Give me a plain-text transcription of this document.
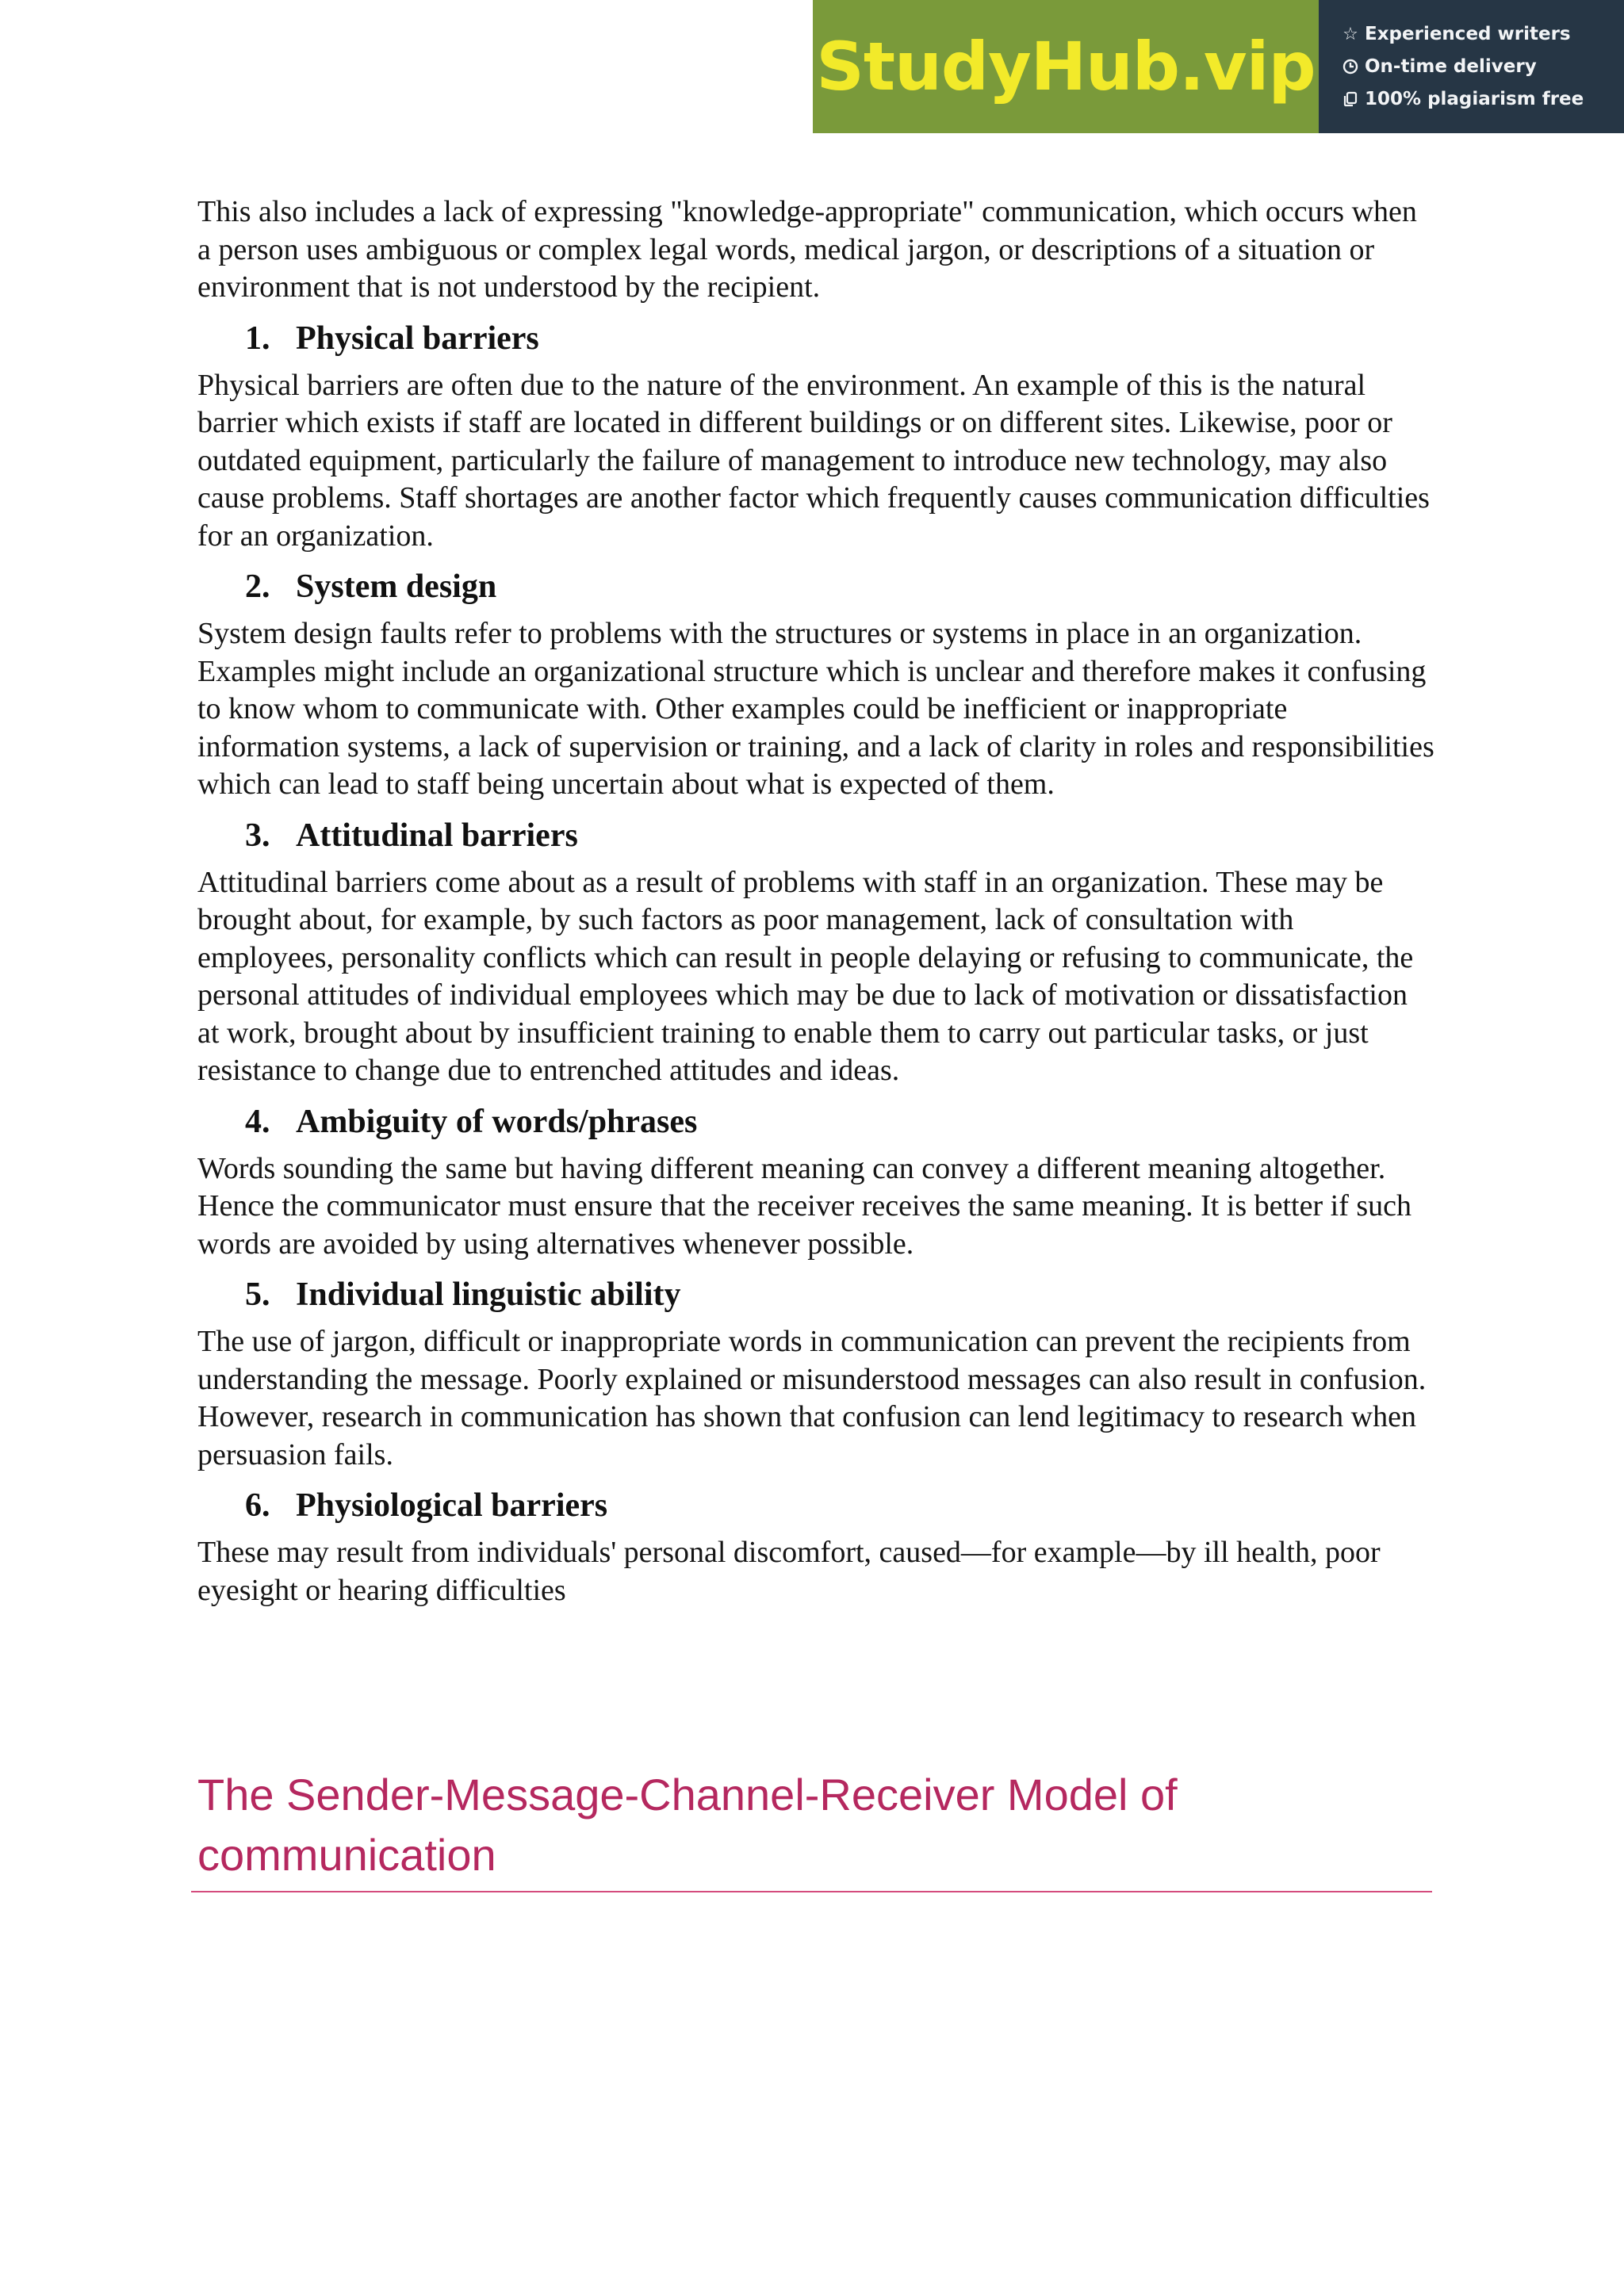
StudyHub.vip ☆ Experienced writers
On-time delivery
100% plagiarism free

This also includes a lack of expressing "knowledge-appropriate" communication, which occurs when a person uses ambiguous or complex legal words, medical jargon, or descriptions of a situation or environment that is not understood by the recipient.

1. Physical barriers

Physical barriers are often due to the nature of the environment. An example of this is the natural barrier which exists if staff are located in different buildings or on different sites. Likewise, poor or outdated equipment, particularly the failure of management to introduce new technology, may also cause problems. Staff shortages are another factor which frequently causes communication difficulties for an organization.

2. System design

System design faults refer to problems with the structures or systems in place in an organization. Examples might include an organizational structure which is unclear and therefore makes it confusing to know whom to communicate with. Other examples could be inefficient or inappropriate information systems, a lack of supervision or training, and a lack of clarity in roles and responsibilities which can lead to staff being uncertain about what is expected of them.

3. Attitudinal barriers

Attitudinal barriers come about as a result of problems with staff in an organization. These may be brought about, for example, by such factors as poor management, lack of consultation with employees, personality conflicts which can result in people delaying or refusing to communicate, the personal attitudes of individual employees which may be due to lack of motivation or dissatisfaction at work, brought about by insufficient training to enable them to carry out particular tasks, or just resistance to change due to entrenched attitudes and ideas.

4. Ambiguity of words/phrases

Words sounding the same but having different meaning can convey a different meaning altogether. Hence the communicator must ensure that the receiver receives the same meaning. It is better if such words are avoided by using alternatives whenever possible.

5. Individual linguistic ability

The use of jargon, difficult or inappropriate words in communication can prevent the recipients from understanding the message. Poorly explained or misunderstood messages can also result in confusion. However, research in communication has shown that confusion can lend legitimacy to research when persuasion fails.

6. Physiological barriers

These may result from individuals' personal discomfort, caused—for example—by ill health, poor eyesight or hearing difficulties

The Sender-Message-Channel-Receiver Model of communication
